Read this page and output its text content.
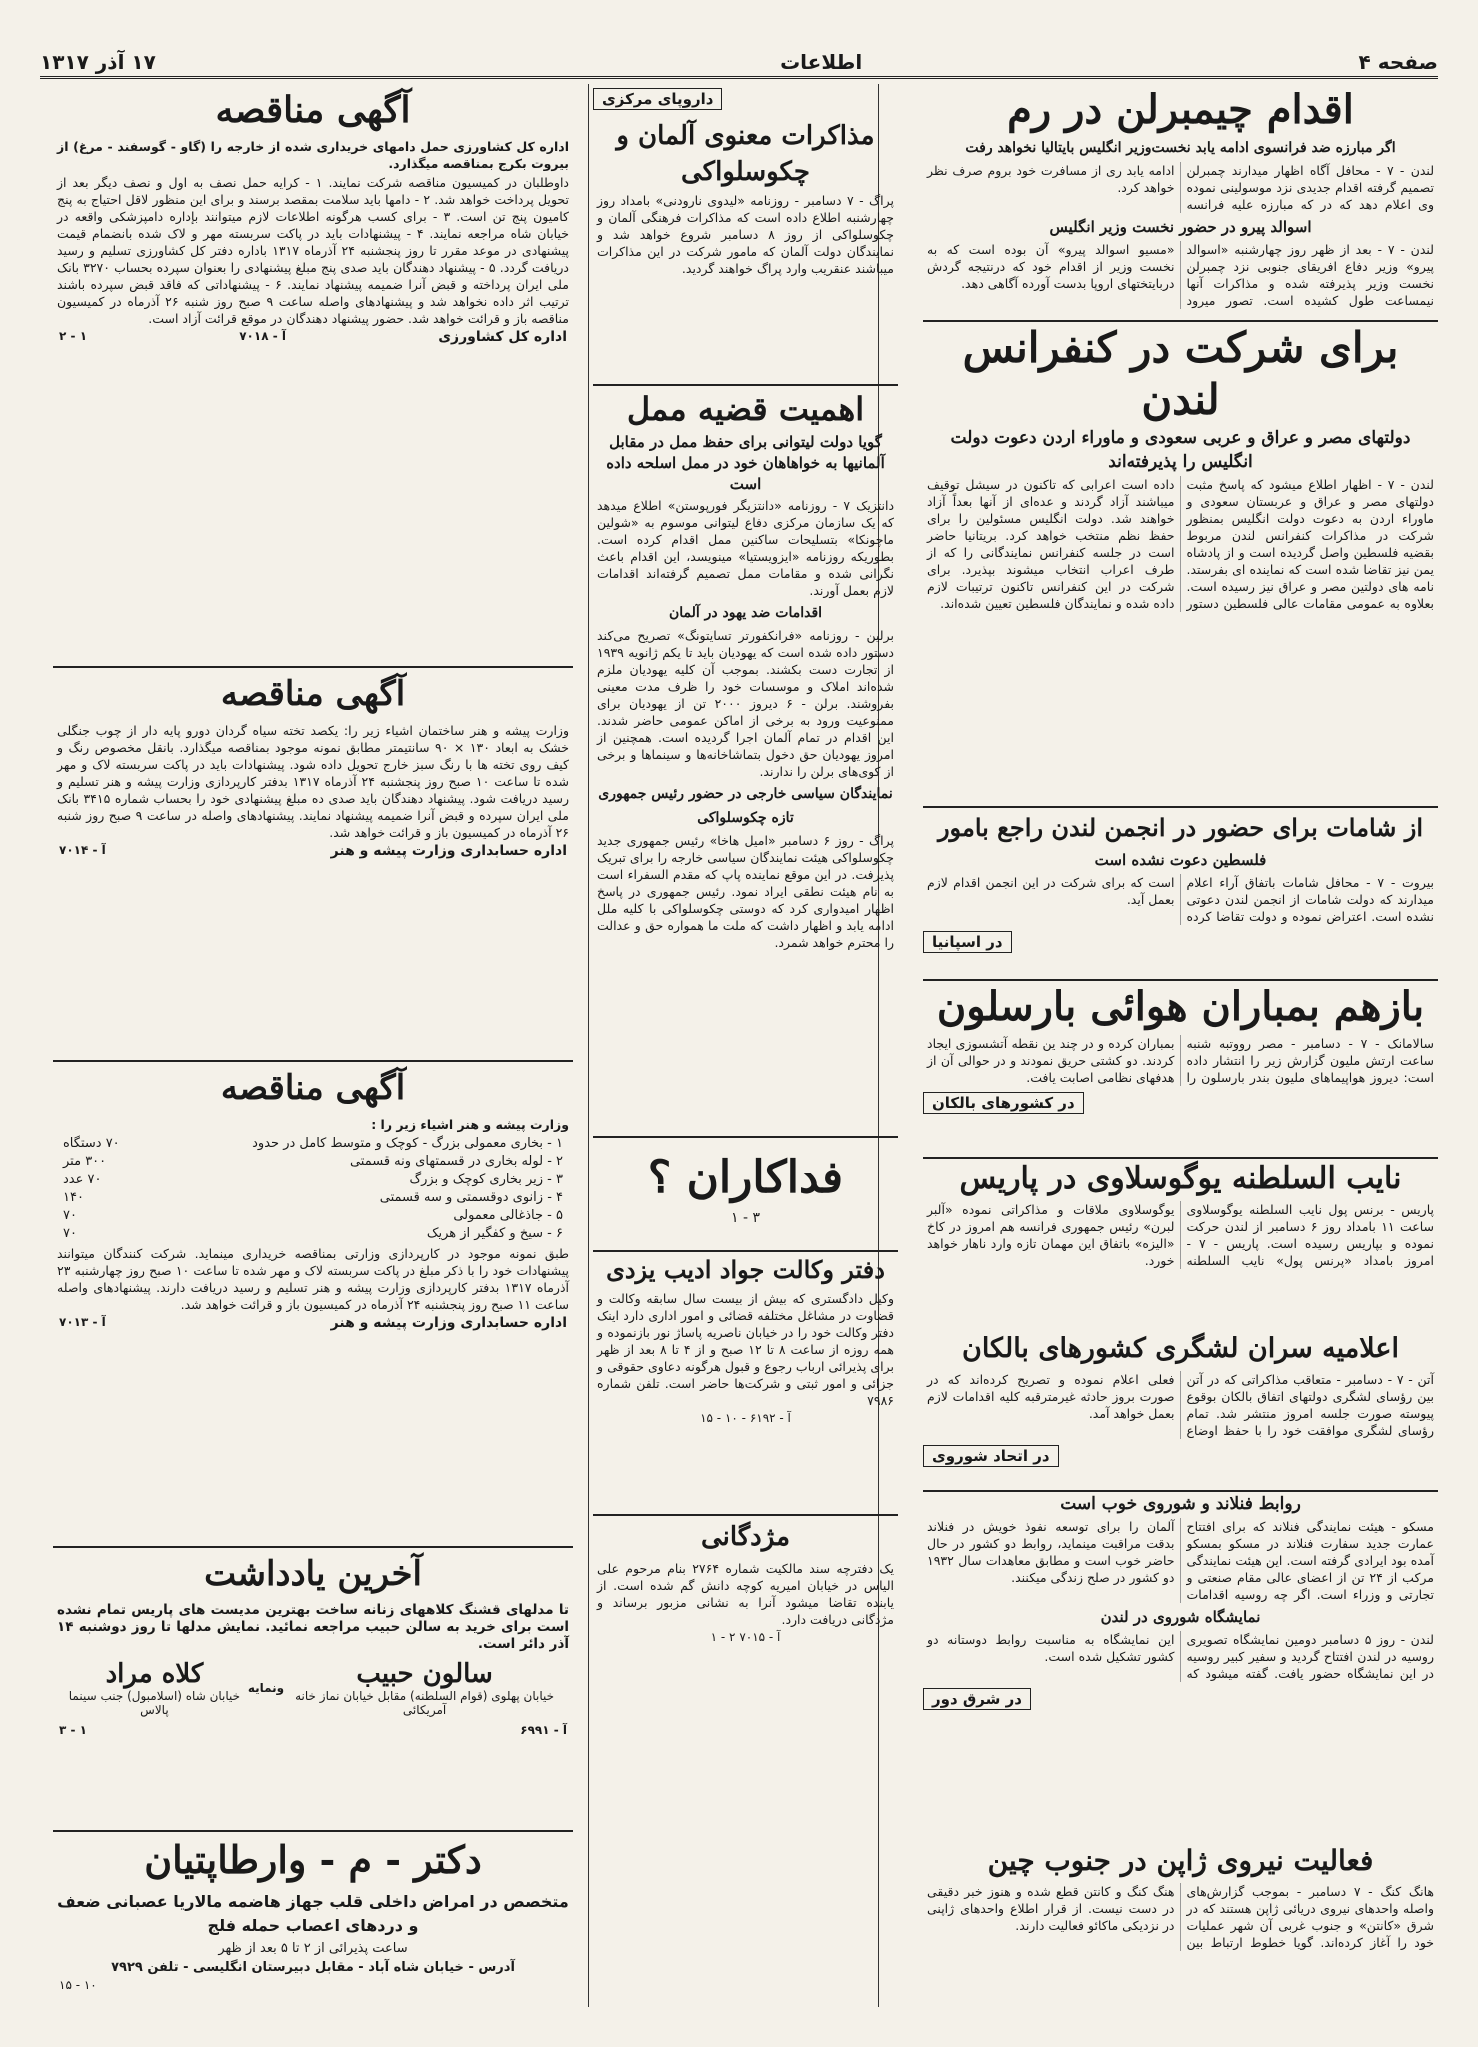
صفحه ۴
اطلاعات
۱۷ آذر ۱۳۱۷
اقدام چیمبرلن در رم
اگر مبارزه ضد فرانسوی ادامه یابد نخست‌وزیر انگلیس بایتالیا نخواهد رفت

لندن - ۷ - محافل آگاه اظهار میدارند چمبرلن تصمیم گرفته اقدام جدیدی نزد موسولینی نموده وی اعلام دهد که در که مبارزه علیه فرانسه ادامه یابد ری از مسافرت خود بروم صرف نظر خواهد کرد.

اسوالد پیرو در حضور نخست وزیر انگلیس

لندن - ۷ - بعد از ظهر روز چهارشنبه «اسوالد پیرو» وزیر دفاع افریقای جنوبی نزد چمبرلن نخست وزیر پذیرفته شده و مذاکرات آنها نیمساعت طول کشیده است. تصور میرود «مسیو اسوالد پیرو» آن بوده است که به نخست وزیر از اقدام خود که درنتیجه گردش دربایتختهای اروپا بدست آورده آگاهی دهد.

برای شرکت در کنفرانس لندن
دولتهای مصر و عراق و عربی سعودی و ماوراء اردن دعوت دولت انگلیس را پذیرفته‌اند

لندن - ۷ - اظهار اطلاع میشود که پاسخ مثبت دولتهای مصر و عراق و عربستان سعودی و ماوراء اردن به دعوت دولت انگلیس بمنظور شرکت در مذاکرات کنفرانس لندن مربوط بقضیه فلسطین واصل گردیده است و از پادشاه یمن نیز تقاضا شده است که نماینده ای بفرستد. نامه های دولتین مصر و عراق نیز رسیده است. بعلاوه به عمومی مقامات عالی فلسطین دستور داده است اعرابی که تاکنون در سیشل توقیف میباشند آزاد گردند و عده‌ای از آنها بعداً آزاد خواهند شد. دولت انگلیس مسئولین را برای حفظ نظم منتخب خواهد کرد. بریتانیا حاضر است در جلسه کنفرانس نمایندگانی را که از طرف اعراب انتخاب میشوند بپذیرد. برای شرکت در این کنفرانس تاکنون ترتیبات لازم داده شده و نمایندگان فلسطین تعیین شده‌اند.

از شامات برای حضور در انجمن لندن راجع بامور
فلسطین دعوت نشده است

بیروت - ۷ - محافل شامات باتفاق آراء اعلام میدارند که دولت شامات از انجمن لندن دعوتی نشده است. اعتراض نموده و دولت تقاضا کرده است که برای شرکت در این انجمن اقدام لازم بعمل آید.

در اسپانیا
بازهم بمباران هوائی بارسلون

سالامانک - ۷ - دسامبر - مصر رووتبه شنبه ساعت ارتش ملیون گزارش زیر را انتشار داده است: دیروز هواپیماهای ملیون بندر بارسلون را بمباران کرده و در چند ین نقطه آتشسوزی ایجاد کردند. دو کشتی حریق نمودند و در حوالی آن از هدفهای نظامی اصابت یافت.

در کشورهای بالکان
نایب السلطنه یوگوسلاوی در پاریس

پاریس - برنس پول نایب السلطنه یوگوسلاوی ساعت ۱۱ بامداد روز ۶ دسامبر از لندن حرکت نموده و بپاریس رسیده است. پاریس - ۷ - امروز بامداد «پرنس پول» نایب السلطنه یوگوسلاوی ملاقات و مذاکراتی نموده «آلبر لبرن» رئیس جمهوری فرانسه هم امروز در کاخ «الیزه» باتفاق این مهمان تازه وارد ناهار خواهد خورد.

اعلامیه سران لشگری کشورهای بالکان

آتن - ۷ - دسامبر - متعاقب مذاکراتی که در آتن بین رؤسای لشگری دولتهای اتفاق بالکان بوقوع پیوسته صورت جلسه امروز منتشر شد. تمام رؤسای لشگری موافقت خود را با حفظ اوضاع فعلی اعلام نموده و تصریح کرده‌اند که در صورت بروز حادثه غیرمترقبه کلیه اقدامات لازم بعمل خواهد آمد.

در اتحاد شوروی
روابط فنلاند و شوروی خوب است

مسکو - هیئت نمایندگی فنلاند که برای افتتاح عمارت جدید سفارت فنلاند در مسکو بمسکو آمده بود ایرادی گرفته است. این هیئت نمایندگی مرکب از ۲۴ تن از اعضای عالی مقام صنعتی و تجارتی و وزراء است. اگر چه روسیه اقدامات آلمان را برای توسعه نفوذ خویش در فنلاند بدقت مراقبت مینماید، روابط دو کشور در حال حاضر خوب است و مطابق معاهدات سال ۱۹۳۲ دو کشور در صلح زندگی میکنند.

نمایشگاه شوروی در لندن

لندن - روز ۵ دسامبر دومین نمایشگاه تصویری روسیه در لندن افتتاح گردید و سفیر کبیر روسیه در این نمایشگاه حضور یافت. گفته میشود که این نمایشگاه به مناسبت روابط دوستانه دو کشور تشکیل شده است.

در شرق دور
فعالیت نیروی ژاپن در جنوب چین

هانگ کنگ - ۷ دسامبر - بموجب گزارش‌های واصله واحدهای نیروی دریائی ژاپن هستند که در شرق «کانتن» و جنوب غربی آن شهر عملیات خود را آغاز کرده‌اند. گویا خطوط ارتباط بین هنگ کنگ و کانتن قطع شده و هنوز خبر دقیقی در دست نیست. از قرار اطلاع واحدهای ژاپنی در نزدیکی ماکائو فعالیت دارند.

داروپای مرکزی
مذاکرات معنوی آلمان و چکوسلواکی

پراگ - ۷ دسامبر - روزنامه «لیدوی نارودنی» بامداد روز چهارشنبه اطلاع داده است که مذاکرات فرهنگی آلمان و چکوسلواکی از روز ۸ دسامبر شروع خواهد شد و نمایندگان دولت آلمان که مامور شرکت در این مذاکرات میباشند عنقریب وارد پراگ خواهند گردید.

اهمیت قضیه ممل
گویا دولت لیتوانی برای حفظ ممل در مقابل آلمانیها به خواهاهان خود در ممل اسلحه داده است

دانتزیک ۷ - روزنامه «دانتزیگر فورپوستن» اطلاع میدهد که یک سازمان مرکزی دفاع لیتوانی موسوم به «شولین ماچونکا» بتسلیحات ساکنین ممل اقدام کرده است. بطوریکه روزنامه «ایزویستیا» مینویسد، این اقدام باعث نگرانی شده و مقامات ممل تصمیم گرفته‌اند اقدامات لازم بعمل آورند.

اقدامات ضد یهود در آلمان

برلین - روزنامه «فرانکفورتر تسایتونگ» تصریح می‌کند دستور داده شده است که یهودیان باید تا یکم ژانویه ۱۹۳۹ از تجارت دست بکشند. بموجب آن کلیه یهودیان ملزم شده‌اند املاک و موسسات خود را ظرف مدت معینی بفروشند. برلن - ۶ دیروز ۲۰۰۰ تن از یهودیان برای ممنوعیت ورود به برخی از اماکن عمومی حاضر شدند. این اقدام در تمام آلمان اجرا گردیده است. همچنین از امروز یهودیان حق دخول بتماشاخانه‌ها و سینماها و برخی از کوی‌های برلن را ندارند.

نمایندگان سیاسی خارجی در حضور رئیس جمهوری تازه چکوسلواکی

پراگ - روز ۶ دسامبر «امیل هاخا» رئیس جمهوری جدید چکوسلواکی هیئت نمایندگان سیاسی خارجه را برای تبریک پذیرفت. در این موقع نماینده پاپ که مقدم السفراء است به نام هیئت نطقی ایراد نمود. رئیس جمهوری در پاسخ اظهار امیدواری کرد که دوستی چکوسلواکی با کلیه ملل ادامه یابد و اظهار داشت که ملت ما همواره حق و عدالت را محترم خواهد شمرد.

فداکاران ؟
۳ - ۱
دفتر وکالت جواد ادیب یزدی

وکیل دادگستری که بیش از بیست سال سابقه وکالت و قضاوت در مشاغل مختلفه قضائی و امور اداری دارد اینک دفتر وکالت خود را در خیابان ناصریه پاساژ نور بازنموده و همه روزه از ساعت ۸ تا ۱۲ صبح و از ۴ تا ۸ بعد از ظهر برای پذیرائی ارباب رجوع و قبول هرگونه دعاوی حقوقی و جزائی و امور ثبتی و شرکت‌ها حاضر است. تلفن شماره ۷۹۸۶

آ - ۶۱۹۲ - ۱۰ - ۱۵
مژدگانی

یک دفترچه سند مالکیت شماره ۲۷۶۴ بنام مرحوم علی الیاس در خیابان امیریه کوچه دانش گم شده است. از یابنده تقاضا میشود آنرا به نشانی مزبور برساند و مژدگانی دریافت دارد.

آ - ۷۰۱۵ ۲ - ۱
آگهی مناقصه

اداره کل کشاورزی حمل دامهای خریداری شده از خارجه را (گاو - گوسفند - مرغ) از بیروت بکرج بمناقصه میگذارد.

داوطلبان در کمیسیون مناقصه شرکت نمایند. ۱ - کرایه حمل نصف به اول و نصف دیگر بعد از تحویل پرداخت خواهد شد. ۲ - دامها باید سلامت بمقصد برسند و برای این منظور لاقل احتیاج به پنج کامیون پنج تن است. ۳ - برای کسب هرگونه اطلاعات لازم میتوانند بإداره دامپزشکی واقعه در خیابان شاه مراجعه نمایند. ۴ - پیشنهادات باید در پاکت سربسته مهر و لاک شده بانضمام قیمت پیشنهادی در موعد مقرر تا روز پنجشنبه ۲۴ آذرماه ۱۳۱۷ باداره دفتر کل کشاورزی تسلیم و رسید دریافت گردد. ۵ - پیشنهاد دهندگان باید صدی پنج مبلغ پیشنهادی را بعنوان سپرده بحساب ۳۲۷۰ بانک ملی ایران پرداخته و قبض آنرا ضمیمه پیشنهاد نمایند. ۶ - پیشنهاداتی که فاقد قبض سپرده باشند ترتیب اثر داده نخواهد شد و پیشنهادهای واصله ساعت ۹ صبح روز شنبه ۲۶ آذرماه در کمیسیون مناقصه باز و قرائت خواهد شد. حضور پیشنهاد دهندگان در موقع قرائت آزاد است.

اداره کل کشاورزی
آ - ۷۰۱۸
۱ - ۲
آگهی مناقصه

وزارت پیشه و هنر ساختمان اشیاء زیر را: یکصد تخته سیاه گردان دورو پایه دار از چوب جنگلی خشک به ابعاد ۱۳۰ × ۹۰ سانتیمتر مطابق نمونه موجود بمناقصه میگذارد. بانقل مخصوص رنگ و کیف روی تخته ها با رنگ سبز خارج تحویل داده شود. پیشنهادات باید در پاکت سربسته لاک و مهر شده تا ساعت ۱۰ صبح روز پنجشنبه ۲۴ آذرماه ۱۳۱۷ بدفتر کارپردازی وزارت پیشه و هنر تسلیم و رسید دریافت شود. پیشنهاد دهندگان باید صدی ده مبلغ پیشنهادی خود را بحساب شماره ۳۴۱۵ بانک ملی ایران سپرده و قبض آنرا ضمیمه پیشنهاد نمایند. پیشنهادهای واصله در ساعت ۹ صبح روز شنبه ۲۶ آذرماه در کمیسیون باز و قرائت خواهد شد.

اداره حسابداری وزارت پیشه و هنر
آ - ۷۰۱۴
آگهی مناقصه

وزارت پیشه و هنر اشیاء زیر را :

۱ - بخاری معمولی بزرگ - کوچک و متوسط کامل در حدود
۷۰ دستگاه
۲ - لوله بخاری در قسمتهای ونه قسمتی
۳۰۰ متر
۳ - زیر بخاری کوچک و بزرگ
۷۰ عدد
۴ - زانوی دوقسمتی و سه قسمتی
۱۴۰
۵ - جاذغالی معمولی
۷۰
۶ - سیخ و کفگیر از هریک
۷۰

طبق نمونه موجود در کارپردازی وزارتی بمناقصه خریداری مینماید. شرکت کنندگان میتوانند پیشنهادات خود را با ذکر مبلغ در پاکت سربسته لاک و مهر شده تا ساعت ۱۰ صبح روز چهارشنبه ۲۳ آذرماه ۱۳۱۷ بدفتر کارپردازی وزارت پیشه و هنر تسلیم و رسید دریافت دارند. پیشنهادهای واصله ساعت ۱۱ صبح روز پنجشنبه ۲۴ آذرماه در کمیسیون باز و قرائت خواهد شد.

اداره حسابداری وزارت پیشه و هنر
آ - ۷۰۱۳
آخرین یادداشت

تا مدلهای قشنگ کلاههای زنانه ساخت بهترین مدیست های پاریس تمام نشده است برای خرید به سالن حبیب مراجعه نمائید. نمایش مدلها تا روز دوشنبه ۱۴ آذر دائر است.

سالون حبیب
خیابان پهلوی (قوام السلطنه) مقابل خیابان نماز خانه آمریکائی
ونمایه
کلاه مراد
خیابان شاه (اسلامبول) جنب سینما پالاس
آ - ۶۹۹۱
۱ - ۳
دکتر - م - وارطاپتیان

متخصص در امراض داخلی قلب جهاز هاضمه مالاریا عصبانی ضعف و دردهای اعصاب حمله فلج

ساعت پذیرائی از ۲ تا ۵ بعد از ظهر

آدرس - خیابان شاه آباد - مقابل دبیرستان انگلیسی - تلفن ۷۹۲۹

۱۰ - ۱۵
